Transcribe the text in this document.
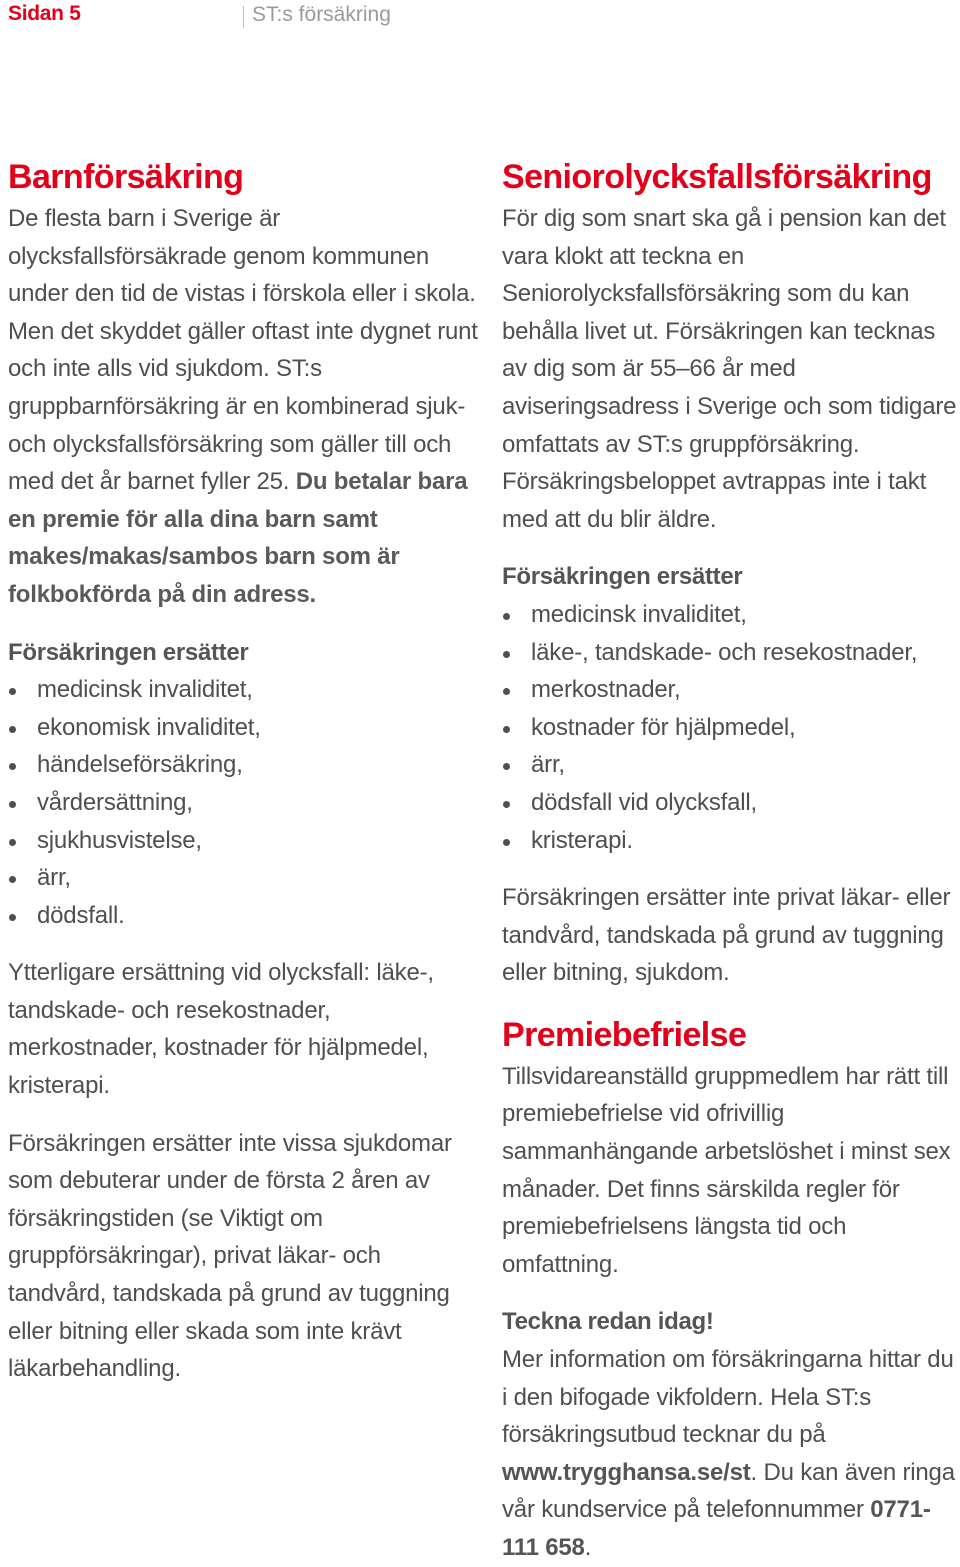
Sidan 5	ST:s försäkring
Barnförsäkring

De flesta barn i Sverige är olycksfallsförsäkrade genom kommunen under den tid de vistas i förskola eller i skola. Men det skyddet gäller oftast inte dygnet runt och inte alls vid sjukdom. ST:s gruppbarnförsäkring är en kombinerad sjuk- och olycksfallsförsäkring som gäller till och med det år barnet fyller 25. Du betalar bara en premie för alla dina barn samt makes/makas/sambos barn som är folkbokförda på din adress.

Försäkringen ersätter
medicinsk invaliditet,
ekonomisk invaliditet,
händelseförsäkring,
vårdersättning,
sjukhusvistelse,
ärr,
dödsfall.

Ytterligare ersättning vid olycksfall: läke-, tandskade- och resekostnader, merkostnader, kostnader för hjälpmedel, kristerapi.

Försäkringen ersätter inte vissa sjukdomar som debuterar under de första 2 åren av försäkringstiden (se Viktigt om gruppförsäkringar), privat läkar- och tandvård, tandskada på grund av tuggning eller bitning eller skada som inte krävt läkarbehandling.

Seniorolycksfallsförsäkring

För dig som snart ska gå i pension kan det vara klokt att teckna en Seniorolycksfallsförsäkring som du kan behålla livet ut. Försäkringen kan tecknas av dig som är 55–66 år med aviseringsadress i Sverige och som tidigare omfattats av ST:s gruppförsäkring. Försäkringsbeloppet avtrappas inte i takt med att du blir äldre.

Försäkringen ersätter
medicinsk invaliditet,
läke-, tandskade- och resekostnader,
merkostnader,
kostnader för hjälpmedel,
ärr,
dödsfall vid olycksfall,
kristerapi.

Försäkringen ersätter inte privat läkar- eller tandvård, tandskada på grund av tuggning eller bitning, sjukdom.

Premiebefrielse

Tillsvidareanställd gruppmedlem har rätt till premiebefrielse vid ofrivillig sammanhängande arbetslöshet i minst sex månader. Det finns särskilda regler för premiebefrielsens längsta tid och omfattning.

Teckna redan idag!

Mer information om försäkringarna hittar du i den bifogade vikfoldern. Hela ST:s försäkringsutbud tecknar du på www.trygghansa.se/st. Du kan även ringa vår kundservice på telefonnummer 0771-111 658.
